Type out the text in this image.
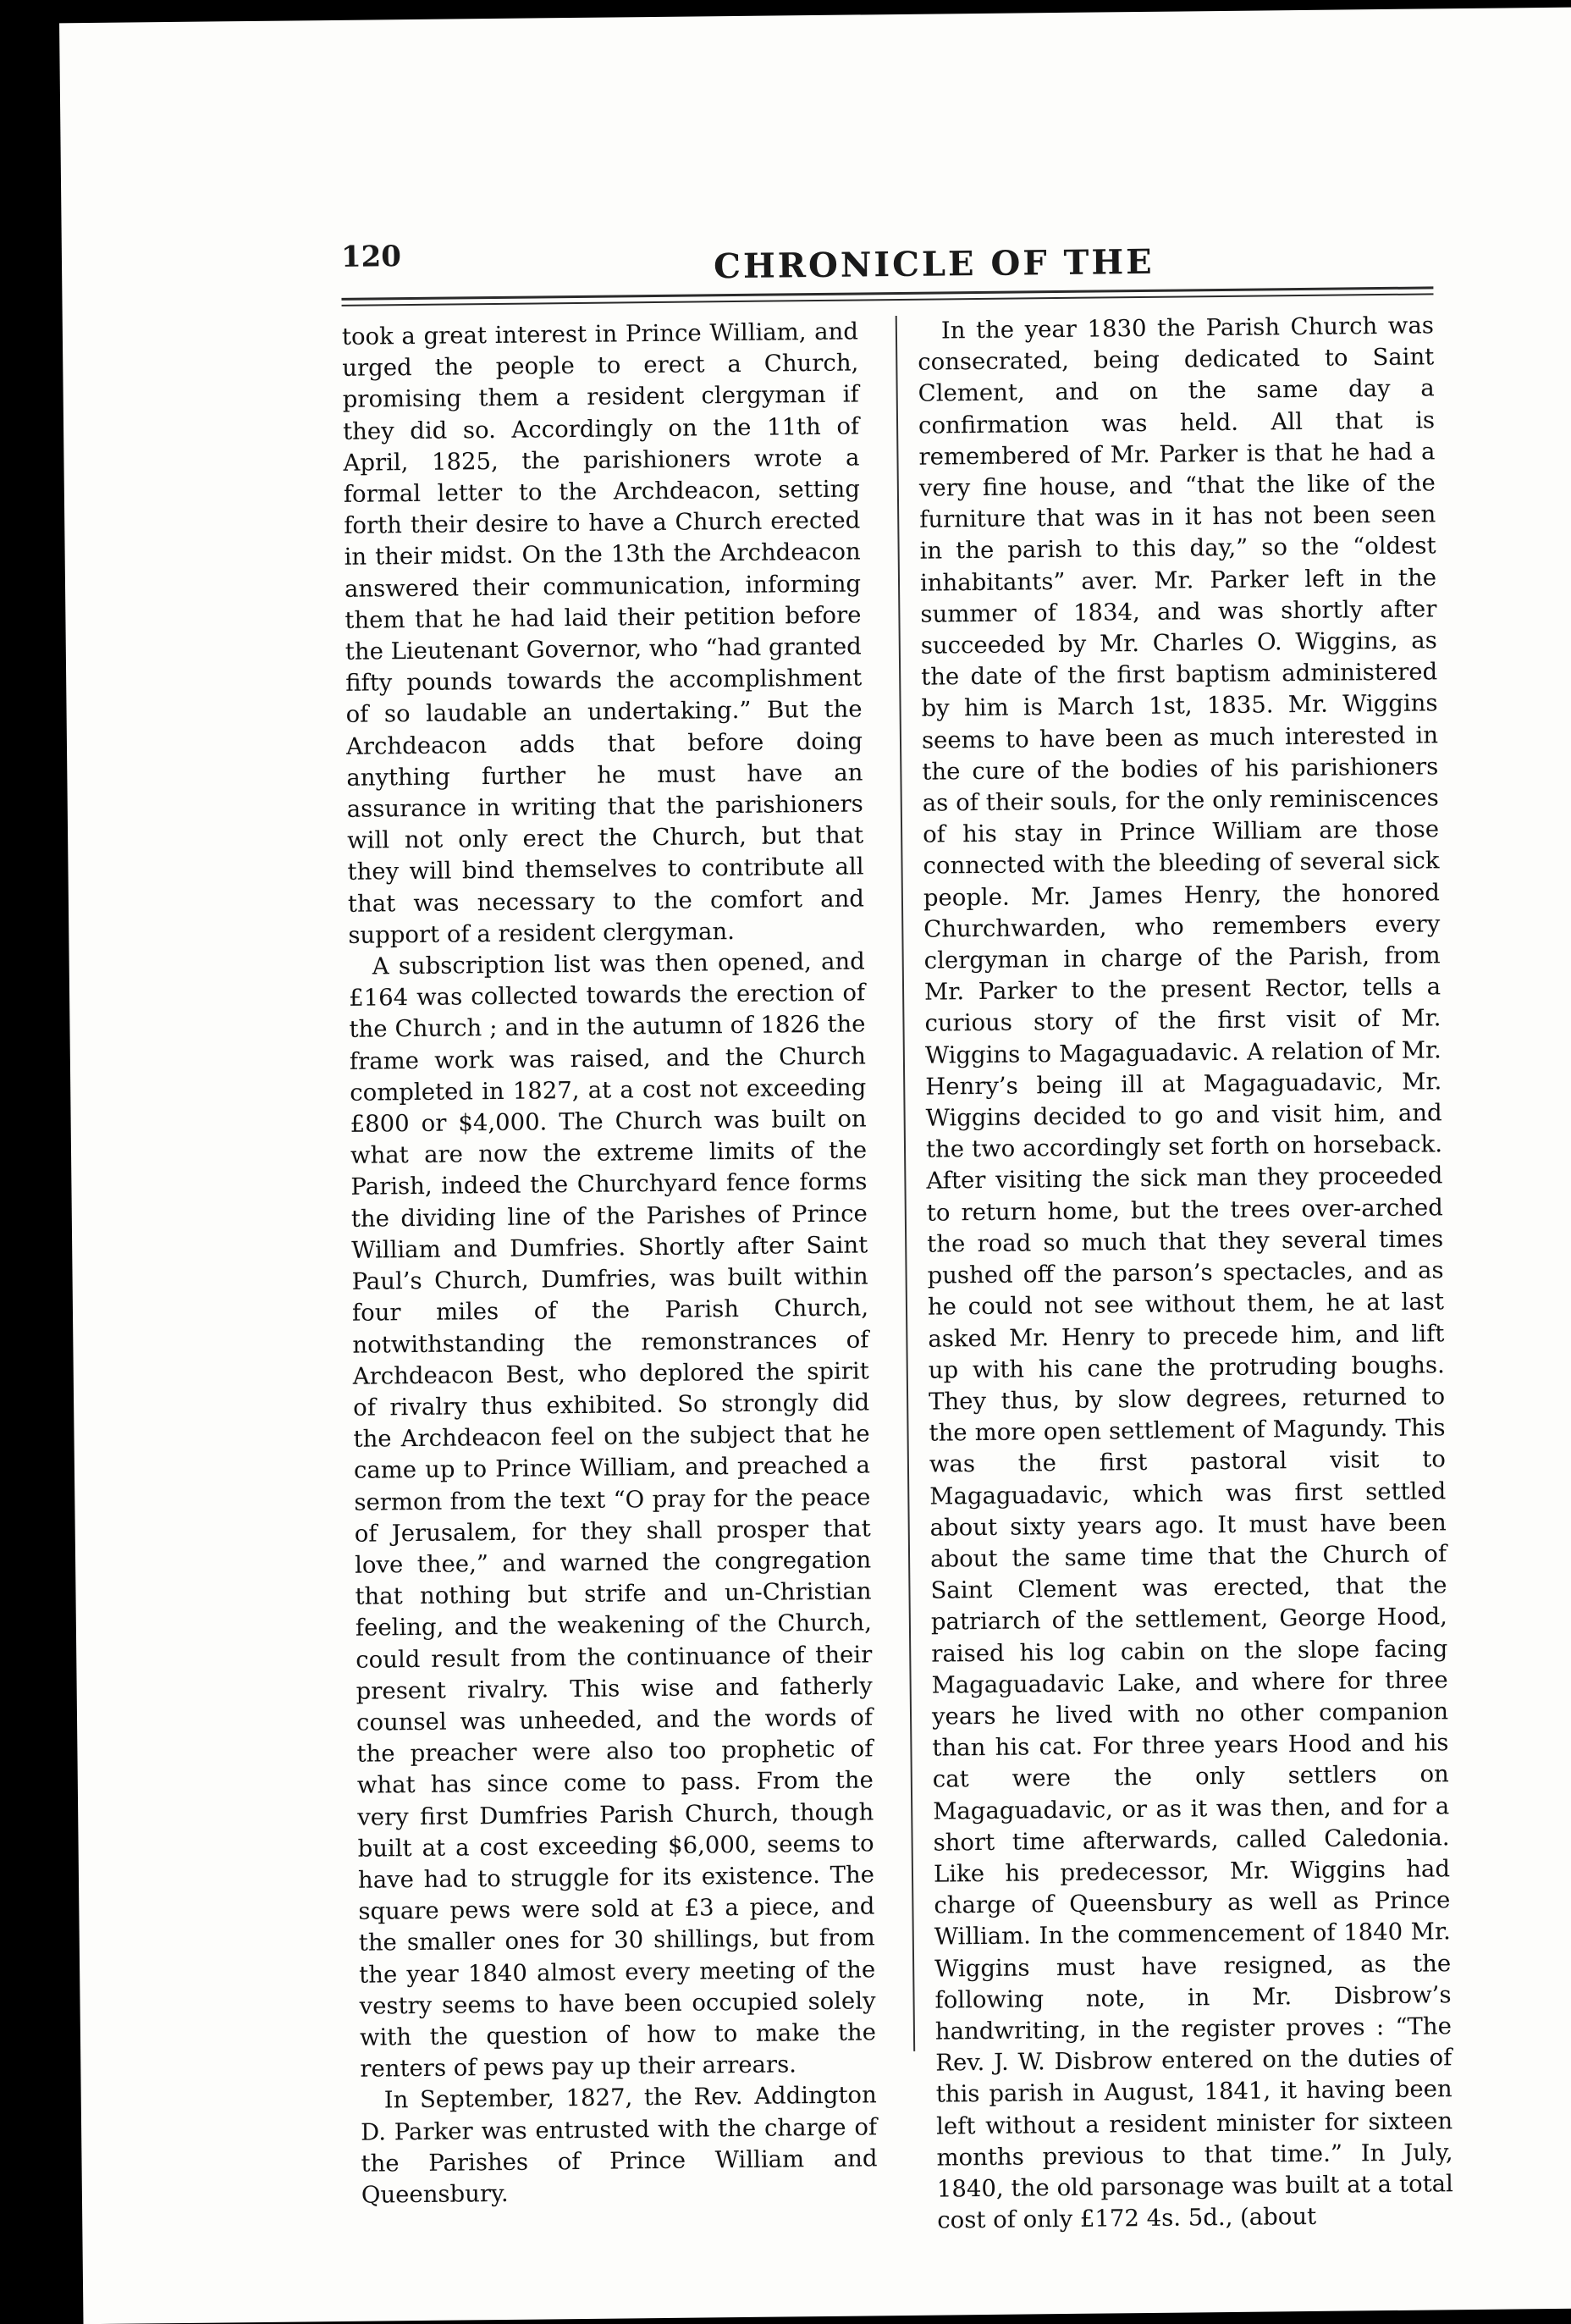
120	CHRONICLE OF THE

took a great interest in Prince William, and urged the people to erect a Church, promising them a resident clergyman if they did so. Accordingly on the 11th of April, 1825, the parishioners wrote a formal letter to the Archdeacon, setting forth their desire to have a Church erected in their midst. On the 13th the Archdeacon answered their communication, informing them that he had laid their petition before the Lieutenant Governor, who “had granted fifty pounds towards the accomplishment of so laudable an undertaking.” But the Archdeacon adds that before doing anything further he must have an assurance in writing that the parishioners will not only erect the Church, but that they will bind themselves to contribute all that was necessary to the comfort and support of a resident clergyman.

A subscription list was then opened, and £164 was collected towards the erection of the Church ; and in the autumn of 1826 the frame work was raised, and the Church completed in 1827, at a cost not exceeding £800 or $4,000. The Church was built on what are now the extreme limits of the Parish, indeed the Churchyard fence forms the dividing line of the Parishes of Prince William and Dumfries. Shortly after Saint Paul’s Church, Dumfries, was built within four miles of the Parish Church, notwithstanding the remonstrances of Archdeacon Best, who deplored the spirit of rivalry thus exhibited. So strongly did the Archdeacon feel on the subject that he came up to Prince William, and preached a sermon from the text “O pray for the peace of Jerusalem, for they shall prosper that love thee,” and warned the congregation that nothing but strife and un-Christian feeling, and the weakening of the Church, could result from the continuance of their present rivalry. This wise and fatherly counsel was unheeded, and the words of the preacher were also too prophetic of what has since come to pass. From the very first Dumfries Parish Church, though built at a cost exceeding $6,000, seems to have had to struggle for its existence. The square pews were sold at £3 a piece, and the smaller ones for 30 shillings, but from the year 1840 almost every meeting of the vestry seems to have been occupied solely with the question of how to make the renters of pews pay up their arrears.

In September, 1827, the Rev. Addington D. Parker was entrusted with the charge of the Parishes of Prince William and Queensbury.

In the year 1830 the Parish Church was consecrated, being dedicated to Saint Clement, and on the same day a confirmation was held. All that is remembered of Mr. Parker is that he had a very fine house, and “that the like of the furniture that was in it has not been seen in the parish to this day,” so the “oldest inhabitants” aver. Mr. Parker left in the summer of 1834, and was shortly after succeeded by Mr. Charles O. Wiggins, as the date of the first baptism administered by him is March 1st, 1835. Mr. Wiggins seems to have been as much interested in the cure of the bodies of his parishioners as of their souls, for the only reminiscences of his stay in Prince William are those connected with the bleeding of several sick people. Mr. James Henry, the honored Churchwarden, who remembers every clergyman in charge of the Parish, from Mr. Parker to the present Rector, tells a curious story of the first visit of Mr. Wiggins to Magaguadavic. A relation of Mr. Henry’s being ill at Magaguadavic, Mr. Wiggins decided to go and visit him, and the two accordingly set forth on horseback. After visiting the sick man they proceeded to return home, but the trees over-arched the road so much that they several times pushed off the parson’s spectacles, and as he could not see without them, he at last asked Mr. Henry to precede him, and lift up with his cane the protruding boughs. They thus, by slow degrees, returned to the more open settlement of Magundy. This was the first pastoral visit to Magaguadavic, which was first settled about sixty years ago. It must have been about the same time that the Church of Saint Clement was erected, that the patriarch of the settlement, George Hood, raised his log cabin on the slope facing Magaguadavic Lake, and where for three years he lived with no other companion than his cat. For three years Hood and his cat were the only settlers on Magaguadavic, or as it was then, and for a short time afterwards, called Caledonia. Like his predecessor, Mr. Wiggins had charge of Queensbury as well as Prince William. In the commencement of 1840 Mr. Wiggins must have resigned, as the following note, in Mr. Disbrow’s handwriting, in the register proves : “The Rev. J. W. Disbrow entered on the duties of this parish in August, 1841, it having been left without a resident minister for sixteen months previous to that time.” In July, 1840, the old parsonage was built at a total cost of only £172 4s. 5d., (about
